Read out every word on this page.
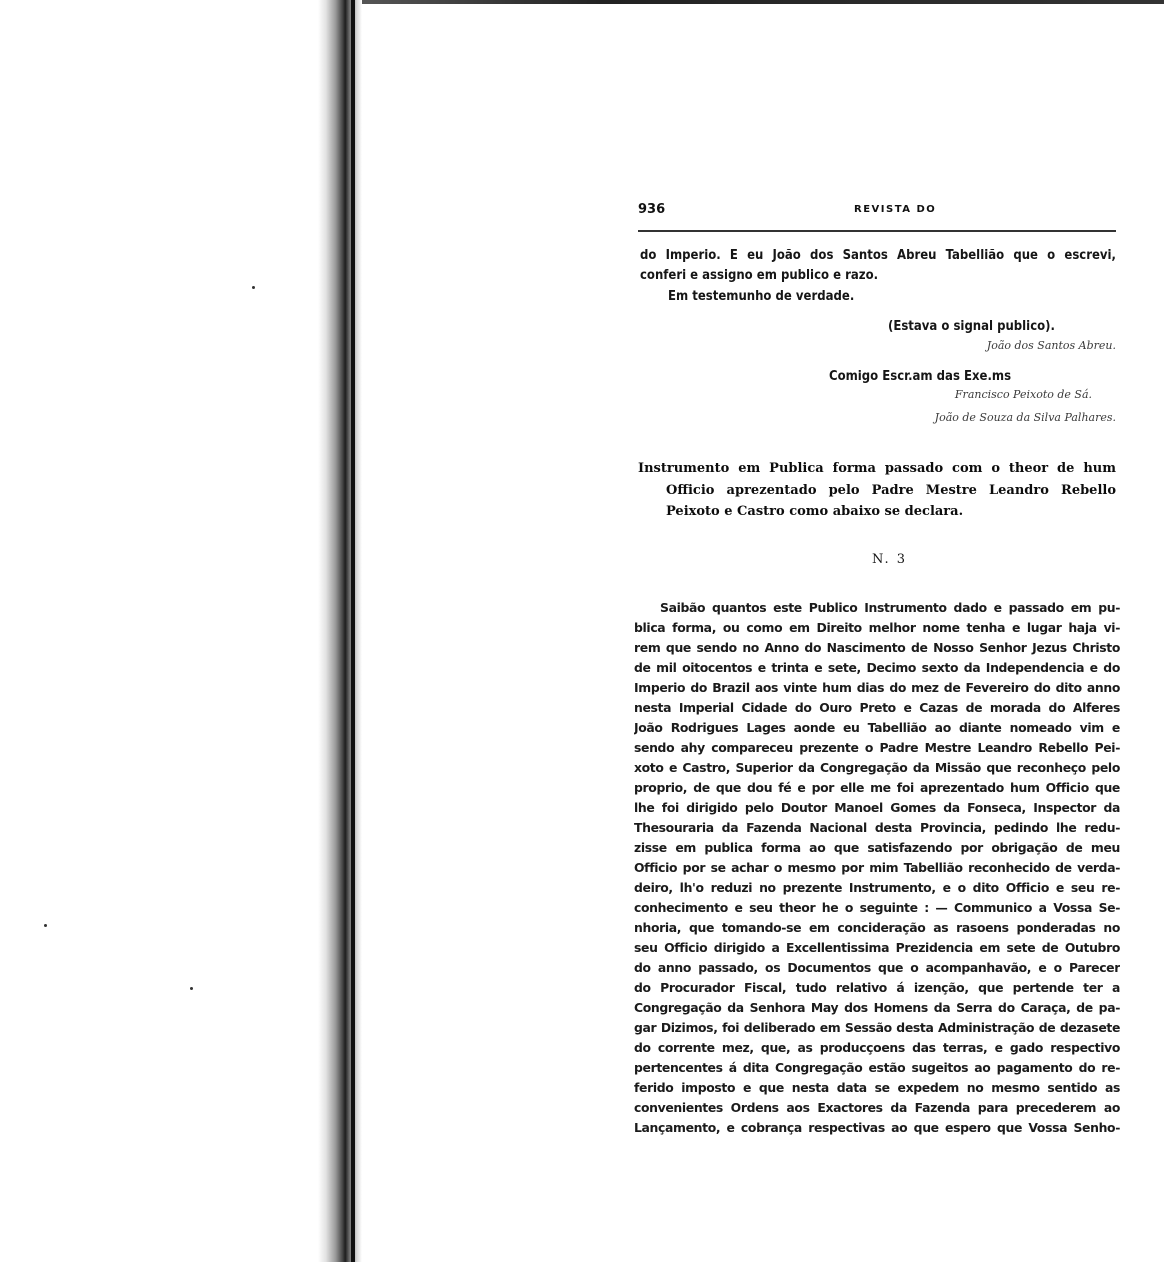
936	REVISTA DO
do Imperio. E eu João dos Santos Abreu Tabellião que o escrevi,
conferi e assigno em publico e razo.
Em testemunho de verdade.
(Estava o signal publico).
João dos Santos Abreu.
Comigo Escr.am das Exe.ms
Francisco Peixoto de Sá.
João de Souza da Silva Palhares.
Instrumento em Publica forma passado com o theor de hum
Officio aprezentado pelo Padre Mestre Leandro Rebello
Peixoto e Castro como abaixo se declara.
N. 3
Saibão quantos este Publico Instrumento dado e passado em pu-
blica forma, ou como em Direito melhor nome tenha e lugar haja vi-
rem que sendo no Anno do Nascimento de Nosso Senhor Jezus Christo
de mil oitocentos e trinta e sete, Decimo sexto da Independencia e do
Imperio do Brazil aos vinte hum dias do mez de Fevereiro do dito anno
nesta Imperial Cidade do Ouro Preto e Cazas de morada do Alferes
João Rodrigues Lages aonde eu Tabellião ao diante nomeado vim e
sendo ahy compareceu prezente o Padre Mestre Leandro Rebello Pei-
xoto e Castro, Superior da Congregação da Missão que reconheço pelo
proprio, de que dou fé e por elle me foi aprezentado hum Officio que
lhe foi dirigido pelo Doutor Manoel Gomes da Fonseca, Inspector da
Thesouraria da Fazenda Nacional desta Provincia, pedindo lhe redu-
zisse em publica forma ao que satisfazendo por obrigação de meu
Officio por se achar o mesmo por mim Tabellião reconhecido de verda-
deiro, lh'o reduzi no prezente Instrumento, e o dito Officio e seu re-
conhecimento e seu theor he o seguinte : — Communico a Vossa Se-
nhoria, que tomando-se em concideração as rasoens ponderadas no
seu Officio dirigido a Excellentissima Prezidencia em sete de Outubro
do anno passado, os Documentos que o acompanhavão, e o Parecer
do Procurador Fiscal, tudo relativo á izenção, que pertende ter a
Congregação da Senhora May dos Homens da Serra do Caraça, de pa-
gar Dizimos, foi deliberado em Sessão desta Administração de dezasete
do corrente mez, que, as producçoens das terras, e gado respectivo
pertencentes á dita Congregação estão sugeitos ao pagamento do re-
ferido imposto e que nesta data se expedem no mesmo sentido as
convenientes Ordens aos Exactores da Fazenda para precederem ao
Lançamento, e cobrança respectivas ao que espero que Vossa Senho-
